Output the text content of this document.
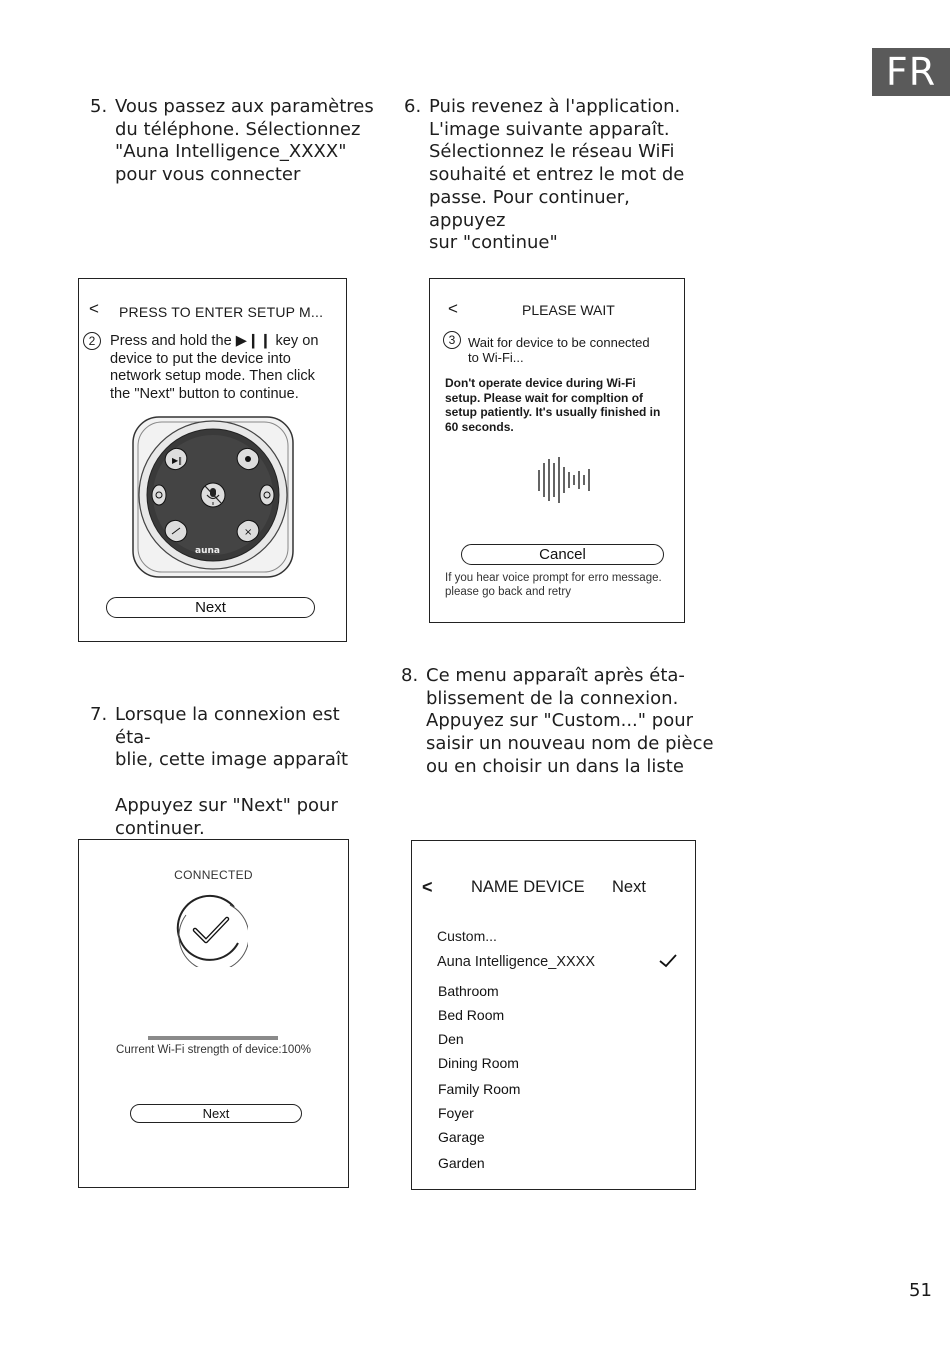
FR
5. Vous passez aux paramètres
du téléphone. Sélectionnez
"Auna Intelligence_XXXX"
pour vous connecter
6. Puis revenez à l'application.
L'image suivante apparaît.
Sélectionnez le réseau WiFi
souhaité et entrez le mot de
passe. Pour continuer, appuyez
sur "continue"
< PRESS TO ENTER SETUP M...
2	Press and hold the ▶❙❙ key on
device to put the device into
network setup mode. Then click
the "Next" button to continue.
▶‖
×
auna
Next
<	PLEASE WAIT
3 Wait for device to be connected
to Wi-Fi...
Don't operate device during Wi-Fi
setup. Please wait for compltion of
setup patiently. It's usually finished in
60 seconds.
Cancel
If you hear voice prompt for erro message.
please go back and retry
7. Lorsque la connexion est éta-
blie, cette image apparaît
Appuyez sur "Next" pour
continuer.
8. Ce menu apparaît après éta-
blissement de la connexion.
Appuyez sur "Custom..." pour
saisir un nouveau nom de pièce
ou en choisir un dans la liste
CONNECTED
Current Wi-Fi strength of device:100%
Next
< NAME DEVICE Next
Custom...
Auna Intelligence_XXXX
Bathroom
Bed Room
Den
Dining Room
Family Room
Foyer
Garage
Garden
51
